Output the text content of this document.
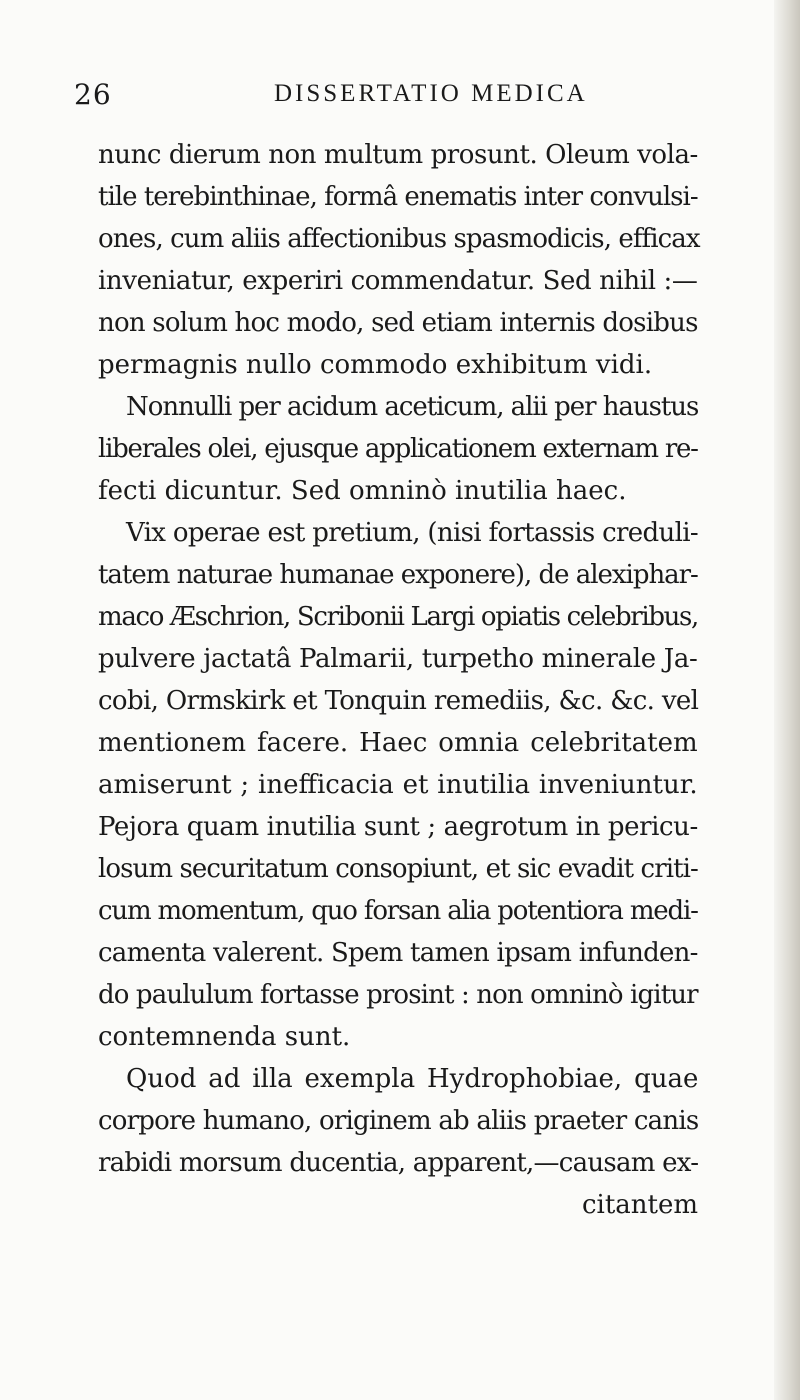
26	DISSERTATIO MEDICA
nunc dierum non multum prosunt. Oleum vola-
tile terebinthinae, formâ enematis inter convulsi-
ones, cum aliis affectionibus spasmodicis, efficax
inveniatur, experiri commendatur. Sed nihil :—
non solum hoc modo, sed etiam internis dosibus
permagnis nullo commodo exhibitum vidi.
Nonnulli per acidum aceticum, alii per haustus
liberales olei, ejusque applicationem externam re-
fecti dicuntur. Sed omninò inutilia haec.
Vix operae est pretium, (nisi fortassis creduli-
tatem naturae humanae exponere), de alexiphar-
maco Æschrion, Scribonii Largi opiatis celebribus,
pulvere jactatâ Palmarii, turpetho minerale Ja-
cobi, Ormskirk et Tonquin remediis, &c. &c. vel
mentionem facere. Haec omnia celebritatem
amiserunt ; inefficacia et inutilia inveniuntur.
Pejora quam inutilia sunt ; aegrotum in pericu-
losum securitatum consopiunt, et sic evadit criti-
cum momentum, quo forsan alia potentiora medi-
camenta valerent. Spem tamen ipsam infunden-
do paululum fortasse prosint : non omninò igitur
contemnenda sunt.
Quod ad illa exempla Hydrophobiae, quae
corpore humano, originem ab aliis praeter canis
rabidi morsum ducentia, apparent,—causam ex-
citantem
